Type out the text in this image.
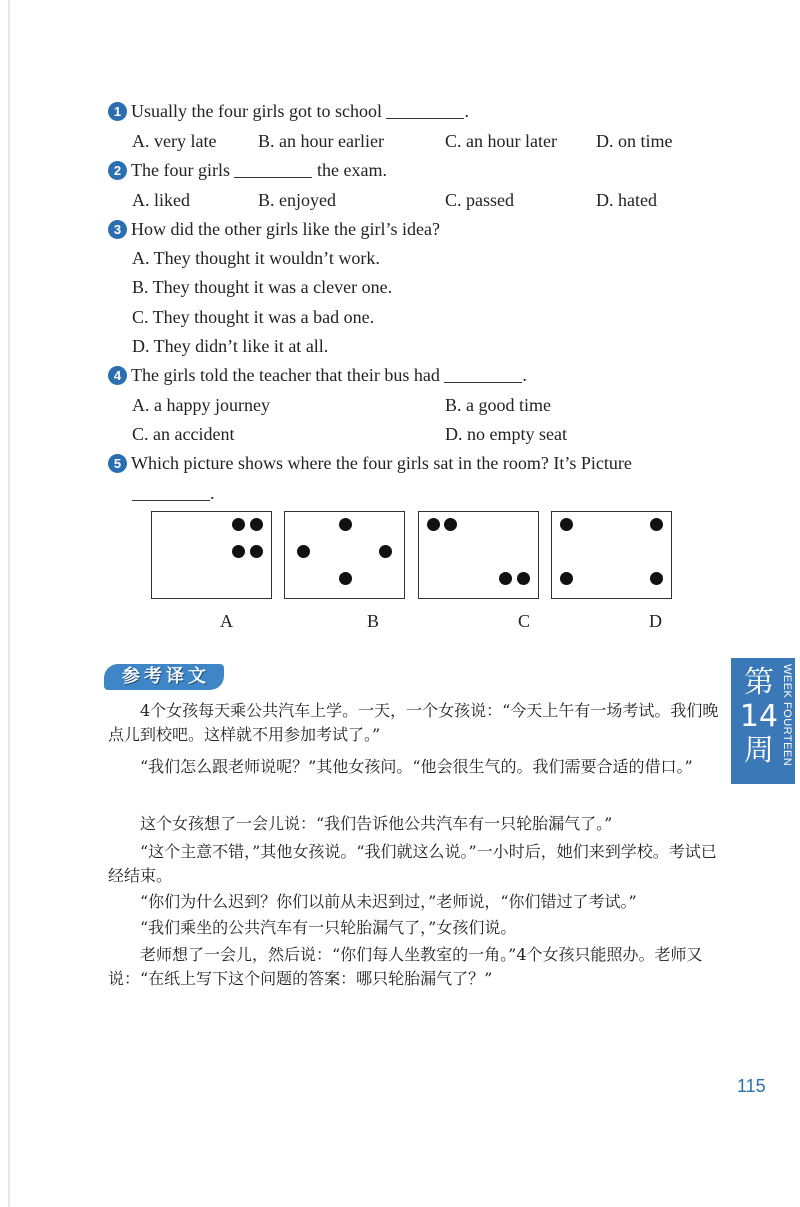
1 Usually the four girls got to school	.
A. very late B. an hour earlier	C. an hour later D. on time
2 The four girls	the exam.
A. liked	B. enjoyed	C. passed	D. hated
3 How did the other girls like the girl’s idea?
A. They thought it wouldn’t work.
B. They thought it was a clever one.
C. They thought it was a bad one.
D. They didn’t like it at all.
4 The girls told the teacher that their bus had	.
A. a happy journey	B. a good time
C. an accident	D. no empty seat
5 Which picture shows where the four girls sat in the room? It’s Picture
.
A	B	C	D
参考译文
　　4个女孩每天乘公共汽车上学。一天，一个女孩说：“今天上午有一场考试。我们晚点儿到校吧。这样就不用参加考试了。”
　　“我们怎么跟老师说呢？”其他女孩问。“他会很生气的。我们需要合适的借口。”
　　这个女孩想了一会儿说：“我们告诉他公共汽车有一只轮胎漏气了。”
　　“这个主意不错，”其他女孩说。“我们就这么说。”一小时后，她们来到学校。考试已经结束。
　　“你们为什么迟到？你们以前从未迟到过，”老师说，“你们错过了考试。”
　　“我们乘坐的公共汽车有一只轮胎漏气了，”女孩们说。
　　老师想了一会儿，然后说：“你们每人坐教室的一角。”4个女孩只能照办。老师又说：“在纸上写下这个问题的答案：哪只轮胎漏气了？”
第14周 WEEK FOURTEEN
115
